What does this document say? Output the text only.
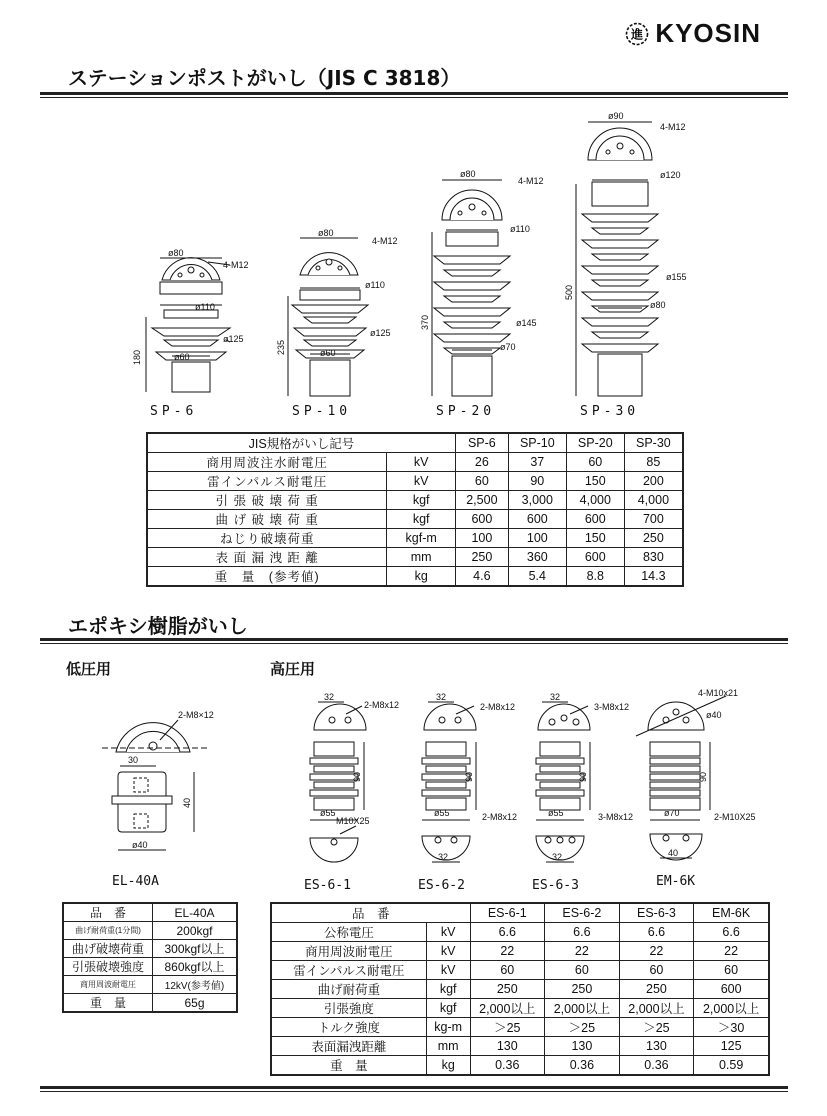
進 KYOSIN
ステーションポストがいし（JIS C 3818）
ø80
4-M12
ø110
ø125
ø60
180
ø80
4-M12
ø110
ø125
ø60
235
ø80
4-M12
ø110
ø145
ø70
370
ø90
4-M12
ø120
ø155
ø80
500
SP-6	SP-10	SP-20	SP-30
JIS規格がいし記号		SP-6	SP-10	SP-20	SP-30
商用周波注水耐電圧	kV	26	37	60	85
雷インパルス耐電圧	kV	60	90	150	200
引 張 破 壊 荷 重	kgf	2,500	3,000	4,000	4,000
曲 げ 破 壊 荷 重	kgf	600	600	600	700
ねじり破壊荷重	kgf-m	100	100	150	250
表 面 漏 洩 距 離	mm	250	360	600	830
重　量　(参考値)	kg	4.6	5.4	8.8	14.3
エポキシ樹脂がいし
低圧用	高圧用
2-M8×12
30
40
ø40
EL-40A
32
2-M8x12
90
ø55
M10X25
32
2-M8x12
90
ø55	2-M8x12
32
32
3-M8x12
90
ø55	3-M8x12
32
4-M10x21
ø40
90
ø70	2-M10X25
40
ES-6-1	ES-6-2	ES-6-3	EM-6K
品　番	EL-40A
曲げ耐荷重(1分間)	200kgf
曲げ破壊荷重	300kgf以上
引張破壊強度	860kgf以上
商用周波耐電圧	12kV(参考値)
重　量	65g
品　番		ES-6-1	ES-6-2	ES-6-3	EM-6K
公称電圧	kV	6.6	6.6	6.6	6.6
商用周波耐電圧	kV	22	22	22	22
雷インパルス耐電圧	kV	60	60	60	60
曲げ耐荷重	kgf	250	250	250	600
引張強度	kgf	2,000以上	2,000以上	2,000以上	2,000以上
トルク強度	kg-m	＞25	＞25	＞25	＞30
表面漏洩距離	mm	130	130	130	125
重　量	kg	0.36	0.36	0.36	0.59
